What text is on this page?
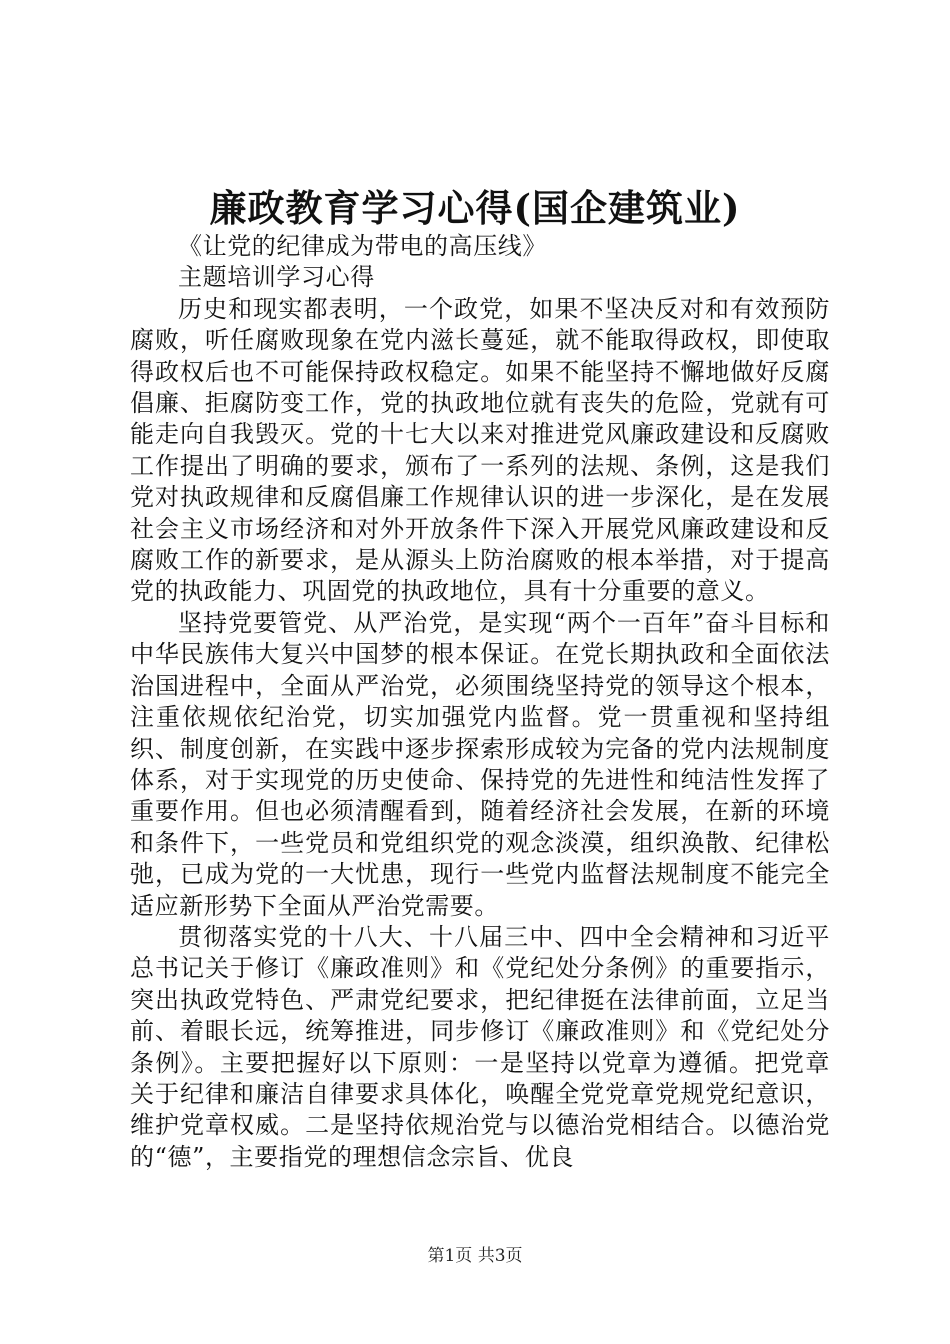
廉政教育学习心得(国企建筑业)

《让党的纪律成为带电的高压线》

主题培训学习心得

历史和现实都表明，一个政党，如果不坚决反对和有效预防腐败，听任腐败现象在党内滋长蔓延，就不能取得政权，即使取得政权后也不可能保持政权稳定。如果不能坚持不懈地做好反腐倡廉、拒腐防变工作，党的执政地位就有丧失的危险，党就有可能走向自我毁灭。党的十七大以来对推进党风廉政建设和反腐败工作提出了明确的要求，颁布了一系列的法规、条例，这是我们党对执政规律和反腐倡廉工作规律认识的进一步深化，是在发展社会主义市场经济和对外开放条件下深入开展党风廉政建设和反腐败工作的新要求，是从源头上防治腐败的根本举措，对于提高党的执政能力、巩固党的执政地位，具有十分重要的意义。

坚持党要管党、从严治党，是实现“两个一百年”奋斗目标和中华民族伟大复兴中国梦的根本保证。在党长期执政和全面依法治国进程中，全面从严治党，必须围绕坚持党的领导这个根本，注重依规依纪治党，切实加强党内监督。党一贯重视和坚持组织、制度创新，在实践中逐步探索形成较为完备的党内法规制度体系，对于实现党的历史使命、保持党的先进性和纯洁性发挥了重要作用。但也必须清醒看到，随着经济社会发展，在新的环境和条件下，一些党员和党组织党的观念淡漠，组织涣散、纪律松弛，已成为党的一大忧患，现行一些党内监督法规制度不能完全适应新形势下全面从严治党需要。

贯彻落实党的十八大、十八届三中、四中全会精神和习近平总书记关于修订《廉政准则》和《党纪处分条例》的重要指示，突出执政党特色、严肃党纪要求，把纪律挺在法律前面，立足当前、着眼长远，统筹推进，同步修订《廉政准则》和《党纪处分条例》。主要把握好以下原则：一是坚持以党章为遵循。把党章关于纪律和廉洁自律要求具体化，唤醒全党党章党规党纪意识，维护党章权威。二是坚持依规治党与以德治党相结合。以德治党的“德”，主要指党的理想信念宗旨、优良

第1页 共3页
